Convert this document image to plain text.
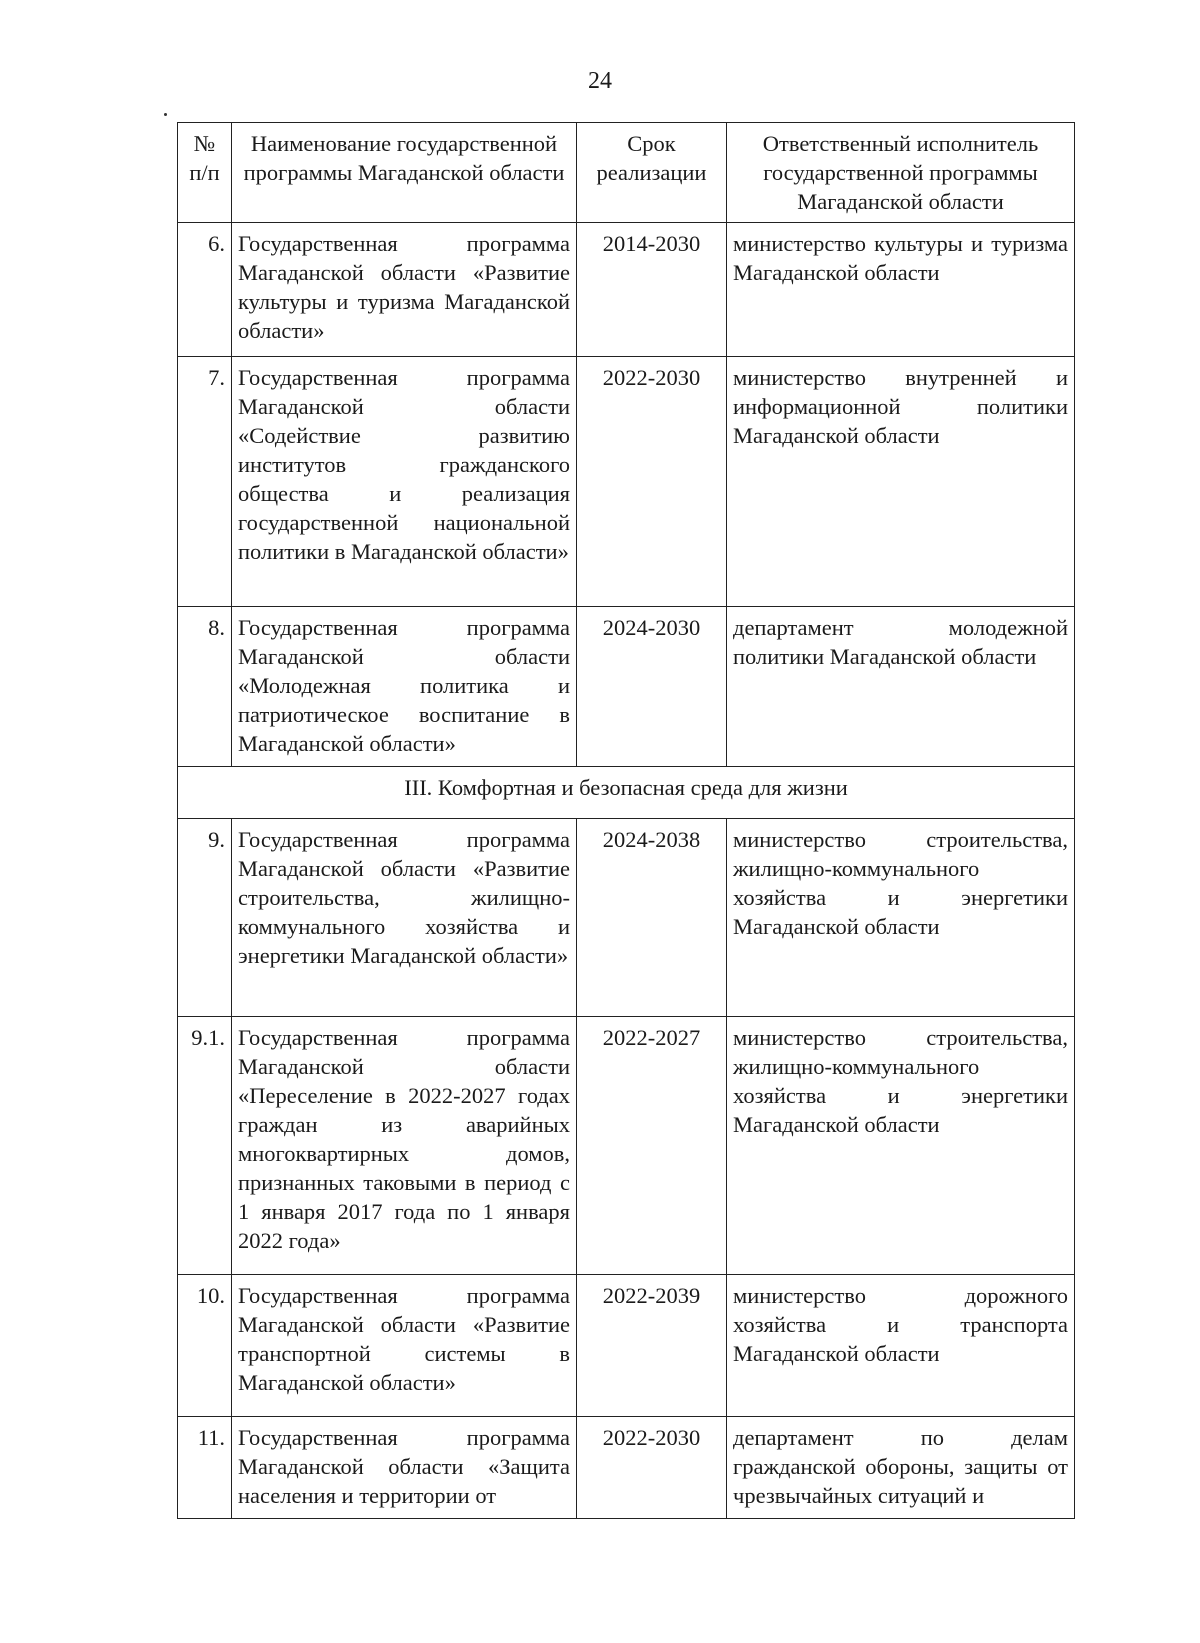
24
№ п/п	Наименование государственной программы Магаданской области	Срок реализации	Ответственный исполнитель государственной программы Магаданской области
6.	Государственная программа Магаданской области «Развитие культуры и туризма Магаданской области»	2014-2030	министерство культуры и туризма Магаданской области
7.	Государственная программа Магаданской области «Содействие развитию институтов гражданского общества и реализация государственной национальной политики в Магаданской области»	2022-2030	министерство внутренней и информационной политики Магаданской области
8.	Государственная программа Магаданской области «Молодежная политика и патриотическое воспитание в Магаданской области»	2024-2030	департамент молодежной политики Магаданской области
III. Комфортная и безопасная среда для жизни			
9.	Государственная программа Магаданской области «Развитие строительства, жилищно-коммунального хозяйства и энергетики Магаданской области»	2024-2038	министерство строительства, жилищно-коммунального хозяйства и энергетики Магаданской области
9.1.	Государственная программа Магаданской области «Переселение в 2022-2027 годах граждан из аварийных многоквартирных домов, признанных таковыми в период с 1 января 2017 года по 1 января 2022 года»	2022-2027	министерство строительства, жилищно-коммунального хозяйства и энергетики Магаданской области
10.	Государственная программа Магаданской области «Развитие транспортной системы в Магаданской области»	2022-2039	министерство дорожного хозяйства и транспорта Магаданской области
11.	Государственная программа Магаданской области «Защита населения и территории от	2022-2030	департамент по делам гражданской обороны, защиты от чрезвычайных ситуаций и
